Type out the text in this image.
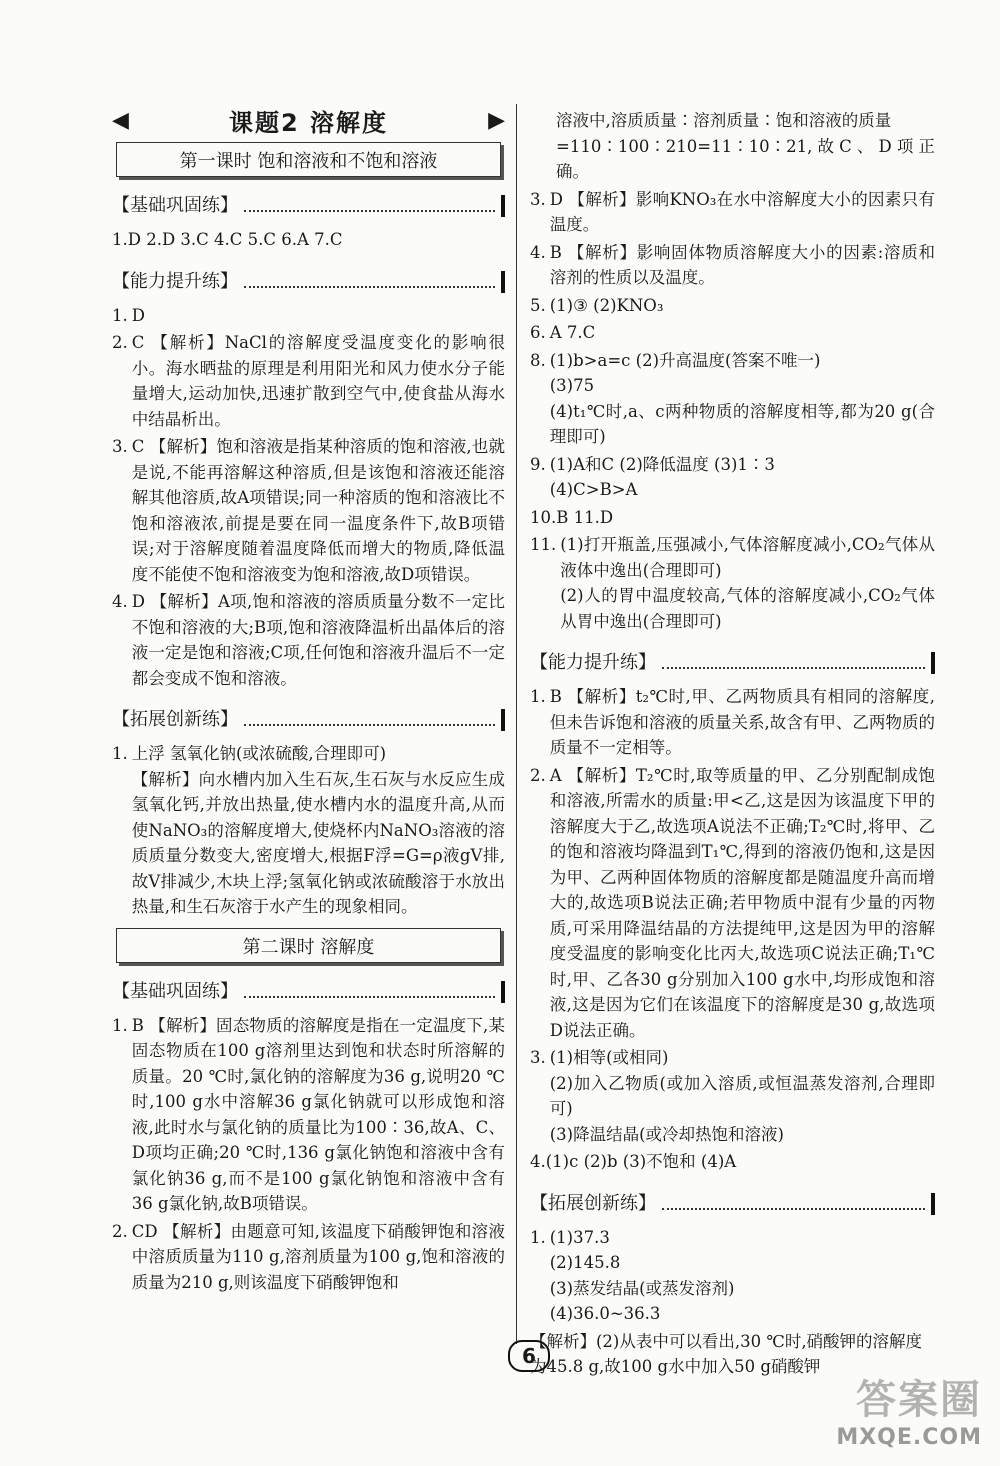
◀	课题2 溶解度	▶
第一课时 饱和溶液和不饱和溶液
【基础巩固练】
1.D 2.D 3.C 4.C 5.C 6.A 7.C
【能力提升练】
1. D
2. C 【解析】NaCl的溶解度受温度变化的影响很小。海水晒盐的原理是利用阳光和风力使水分子能量增大,运动加快,迅速扩散到空气中,使食盐从海水中结晶析出。
3. C 【解析】饱和溶液是指某种溶质的饱和溶液,也就是说,不能再溶解这种溶质,但是该饱和溶液还能溶解其他溶质,故A项错误;同一种溶质的饱和溶液比不饱和溶液浓,前提是要在同一温度条件下,故B项错误;对于溶解度随着温度降低而增大的物质,降低温度不能使不饱和溶液变为饱和溶液,故D项错误。
4. D 【解析】A项,饱和溶液的溶质质量分数不一定比不饱和溶液的大;B项,饱和溶液降温析出晶体后的溶液一定是饱和溶液;C项,任何饱和溶液升温后不一定都会变成不饱和溶液。
【拓展创新练】
1. 上浮 氢氧化钠(或浓硫酸,合理即可)
【解析】向水槽内加入生石灰,生石灰与水反应生成氢氧化钙,并放出热量,使水槽内水的温度升高,从而使NaNO₃的溶解度增大,使烧杯内NaNO₃溶液的溶质质量分数变大,密度增大,根据F浮=G=ρ液gV排,故V排减少,木块上浮;氢氧化钠或浓硫酸溶于水放出热量,和生石灰溶于水产生的现象相同。
第二课时 溶解度
【基础巩固练】
1. B 【解析】固态物质的溶解度是指在一定温度下,某固态物质在100 g溶剂里达到饱和状态时所溶解的质量。20 ℃时,氯化钠的溶解度为36 g,说明20 ℃时,100 g水中溶解36 g氯化钠就可以形成饱和溶液,此时水与氯化钠的质量比为100∶36,故A、C、D项均正确;20 ℃时,136 g氯化钠饱和溶液中含有氯化钠36 g,而不是100 g氯化钠饱和溶液中含有36 g氯化钠,故B项错误。
2. CD 【解析】由题意可知,该温度下硝酸钾饱和溶液中溶质质量为110 g,溶剂质量为100 g,饱和溶液的质量为210 g,则该温度下硝酸钾饱和
溶液中,溶质质量∶溶剂质量∶饱和溶液的质量
=110∶100∶210=11∶10∶21,故C、D项正确。
3. D 【解析】影响KNO₃在水中溶解度大小的因素只有温度。
4. B 【解析】影响固体物质溶解度大小的因素:溶质和溶剂的性质以及温度。
5. (1)③ (2)KNO₃
6. A 7.C
8. (1)b>a=c (2)升高温度(答案不唯一)
(3)75
(4)t₁℃时,a、c两种物质的溶解度相等,都为20 g(合理即可)
9. (1)A和C (2)降低温度 (3)1∶3
(4)C>B>A
10.B 11.D
11. (1)打开瓶盖,压强减小,气体溶解度减小,CO₂气体从液体中逸出(合理即可)
(2)人的胃中温度较高,气体的溶解度减小,CO₂气体从胃中逸出(合理即可)
【能力提升练】
1. B 【解析】t₂℃时,甲、乙两物质具有相同的溶解度,但未告诉饱和溶液的质量关系,故含有甲、乙两物质的质量不一定相等。
2. A 【解析】T₂℃时,取等质量的甲、乙分别配制成饱和溶液,所需水的质量:甲<乙,这是因为该温度下甲的溶解度大于乙,故选项A说法不正确;T₂℃时,将甲、乙的饱和溶液均降温到T₁℃,得到的溶液仍饱和,这是因为甲、乙两种固体物质的溶解度都是随温度升高而增大的,故选项B说法正确;若甲物质中混有少量的丙物质,可采用降温结晶的方法提纯甲,这是因为甲的溶解度受温度的影响变化比丙大,故选项C说法正确;T₁℃时,甲、乙各30 g分别加入100 g水中,均形成饱和溶液,这是因为它们在该温度下的溶解度是30 g,故选项D说法正确。
3. (1)相等(或相同)
(2)加入乙物质(或加入溶质,或恒温蒸发溶剂,合理即可)
(3)降温结晶(或冷却热饱和溶液)
4.(1)c (2)b (3)不饱和 (4)A
【拓展创新练】
1. (1)37.3
(2)145.8
(3)蒸发结晶(或蒸发溶剂)
(4)36.0~36.3
【解析】(2)从表中可以看出,30 ℃时,硝酸钾的溶解度为45.8 g,故100 g水中加入50 g硝酸钾
6
答案圈
MXQE.COM
